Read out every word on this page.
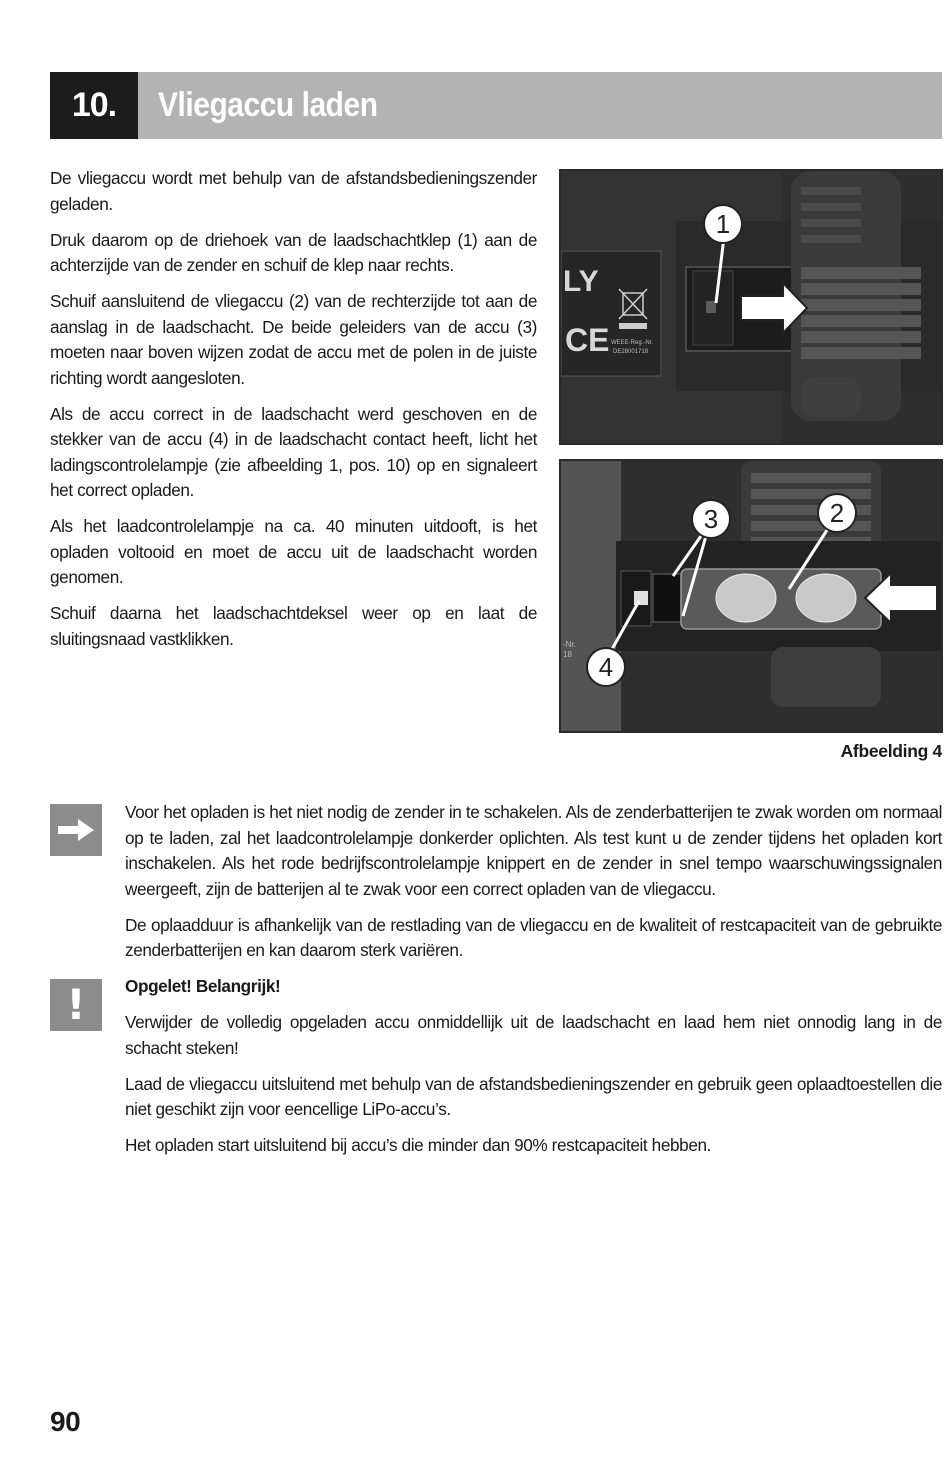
10.	Vliegaccu laden

De vliegaccu wordt met behulp van de afstandsbedieningszender geladen.

Druk daarom op de driehoek van de laadschachtklep (1) aan de achterzijde van de zender en schuif de klep naar rechts.

Schuif aansluitend de vliegaccu (2) van de rechterzijde tot aan de aanslag in de laadschacht. De beide geleiders van de accu (3) moeten naar boven wijzen zodat de accu met de polen in de juiste richting wordt aangesloten.

Als de accu correct in de laadschacht werd geschoven en de stekker van de accu (4) in de laadschacht contact heeft, licht het ladingscontrolelampje (zie afbeelding 1, pos. 10) op en signaleert het correct opladen.

Als het laadcontrolelampje na ca. 40 minuten uitdooft, is het opladen voltooid en moet de accu uit de laadschacht worden genomen.

Schuif daarna het laadschachtdeksel weer op en laat de sluitingsnaad vastklikken.

LY
CE WEEE-Reg.-Nr.
DE28001718
1
-Nr.
18
3	2
4
Afbeelding 4
!

Voor het opladen is het niet nodig de zender in te schakelen. Als de zenderbatterijen te zwak worden om normaal op te laden, zal het laadcontrolelampje donkerder oplichten. Als test kunt u de zender tijdens het opladen kort inschakelen. Als het rode bedrijfscontrolelampje knippert en de zender in snel tempo waarschuwingssignalen weergeeft, zijn de batterijen al te zwak voor een correct opladen van de vliegaccu.

De oplaadduur is afhankelijk van de restlading van de vliegaccu en de kwaliteit of restcapaciteit van de gebruikte zenderbatterijen en kan daarom sterk variëren.

Opgelet! Belangrijk!

Verwijder de volledig opgeladen accu onmiddellijk uit de laadschacht en laad hem niet onnodig lang in de schacht steken!

Laad de vliegaccu uitsluitend met behulp van de afstandsbedieningszender en gebruik geen oplaadtoestellen die niet geschikt zijn voor eencellige LiPo-accu’s.

Het opladen start uitsluitend bij accu’s die minder dan 90% restcapaciteit hebben.

90
